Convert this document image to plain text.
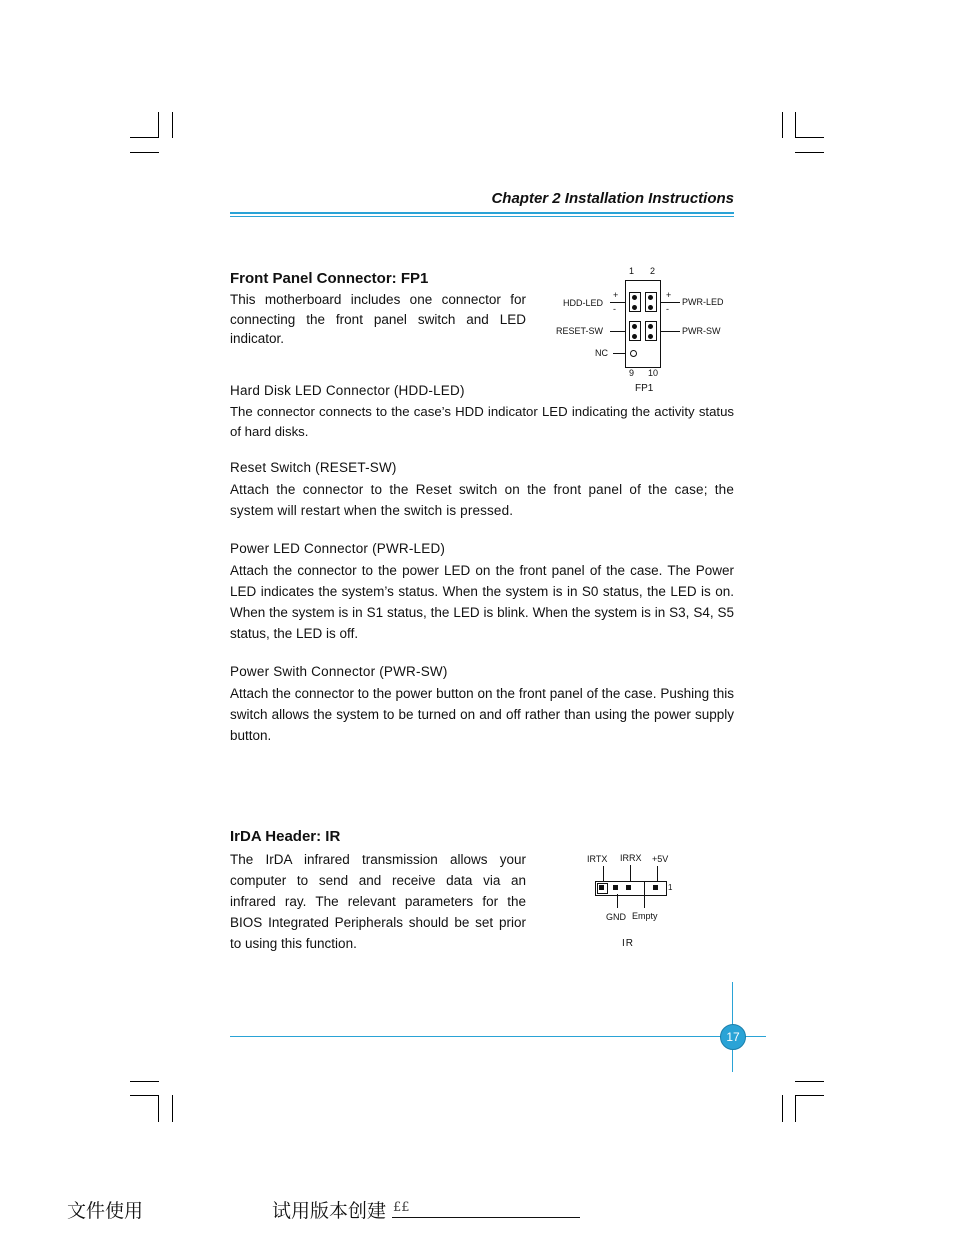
Chapter 2 Installation Instructions
Front Panel Connector: FP1
This motherboard includes one connector for connecting the front panel switch and LED indicator.
1 2
+
-
+
-
HDD-LED	PWR-LED
RESET-SW	PWR-SW
NC
9 10
FP1
Hard Disk LED Connector (HDD-LED)
The connector connects to the case’s HDD indicator LED indicating the activity status of hard disks.
Reset Switch (RESET-SW)
Attach the connector to the Reset switch on the front panel of the case; the system will restart when the switch is pressed.
Power LED Connector (PWR-LED)
Attach the connector to the power LED on the front panel of the case. The Power LED indicates the system’s status. When the system is in S0 status, the LED is on. When the system is in S1 status, the LED is blink. When the system is in S3, S4, S5 status, the LED is off.
Power Swith Connector (PWR-SW)
Attach the connector to the power button on the front panel of the case. Pushing this switch allows the system to be turned on and off rather than using the power supply button.
IrDA Header: IR
The IrDA infrared transmission allows your computer to send and receive data via an infrared ray. The relevant parameters for the BIOS Integrated Peripherals should be set prior to using this function.
IRTX IRRX +5V
1
GND Empty
IR
17
文件使用	试用版本创建 ££
